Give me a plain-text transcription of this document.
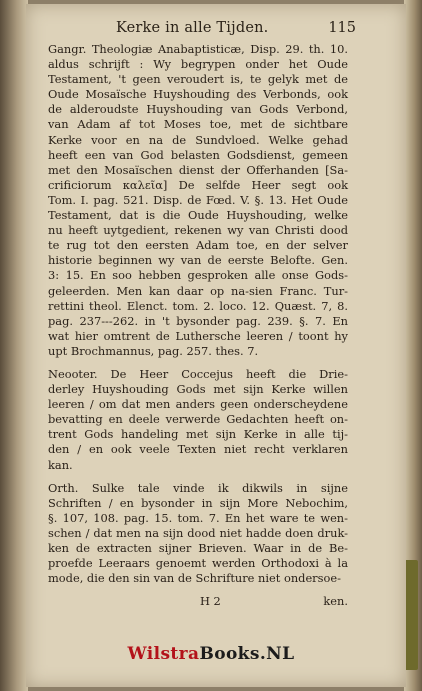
Kerke in alle Tijden.	115
Gangr. Theologiæ Anabaptisticæ, Disp. 29. th. 10.
aldus schrijft : Wy begrypen onder het Oude
Testament, 't geen veroudert is, te gelyk met de
Oude Mosaïsche Huyshouding des Verbonds, ook
de alderoudste Huyshouding van Gods Verbond,
van Adam af tot Moses toe, met de sichtbare
Kerke voor en na de Sundvloed. Welke gehad
heeft een van God belasten Godsdienst, gemeen
met den Mosaïschen dienst der Offerhanden [Sa-
crificiorum καλεῖα] De selfde Heer segt ook
Tom. I. pag. 521. Disp. de Fœd. V. §. 13. Het Oude
Testament, dat is die Oude Huyshouding, welke
nu heeft uytgedient, rekenen wy van Christi dood
te rug tot den eersten Adam toe, en der selver
historie beginnen wy van de eerste Belofte. Gen.
3: 15. En soo hebben gesproken alle onse Gods-
geleerden. Men kan daar op na-sien Franc. Tur-
rettini theol. Elenct. tom. 2. loco. 12. Quæst. 7, 8.
pag. 237---262. in 't bysonder pag. 239. §. 7. En
wat hier omtrent de Luthersche leeren / toont hy
upt Brochmannus, pag. 257. thes. 7.
Neooter. De Heer Coccejus heeft die Drie-
derley Huyshouding Gods met sijn Kerke willen
leeren / om dat men anders geen onderscheydene
bevatting en deele verwerde Gedachten heeft on-
trent Gods handeling met sijn Kerke in alle tij-
den / en ook veele Texten niet recht verklaren
kan.
Orth. Sulke tale vinde ik dikwils in sijne
Schriften / en bysonder in sijn More Nebochim,
§. 107, 108. pag. 15. tom. 7. En het ware te wen-
schen / dat men na sijn dood niet hadde doen druk-
ken de extracten sijner Brieven. Waar in de Be-
proefde Leeraars genoemt werden Orthodoxi à la
mode, die den sin van de Schrifture niet ondersoe-
H 2	ken.
WilstraBooks.NL
